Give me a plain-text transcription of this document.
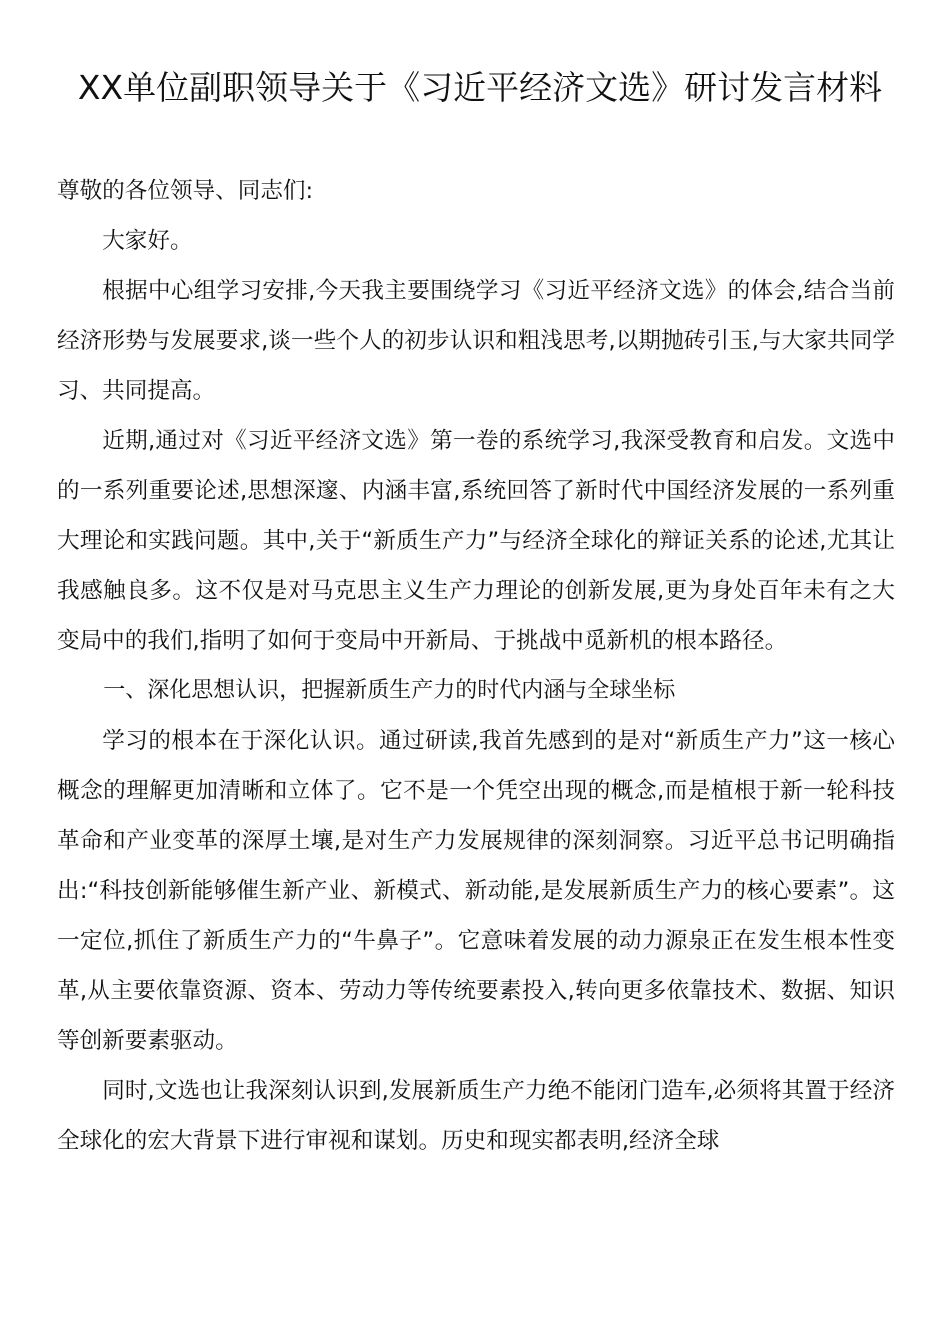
XX单位副职领导关于《习近平经济文选》研讨发言材料

尊敬的各位领导、同志们:

大家好。

根据中心组学习安排,今天我主要围绕学习《习近平经济文选》的体会,结合当前经济形势与发展要求,谈一些个人的初步认识和粗浅思考,以期抛砖引玉,与大家共同学习、共同提高。

近期,通过对《习近平经济文选》第一卷的系统学习,我深受教育和启发。文选中的一系列重要论述,思想深邃、内涵丰富,系统回答了新时代中国经济发展的一系列重大理论和实践问题。其中,关于“新质生产力”与经济全球化的辩证关系的论述,尤其让我感触良多。这不仅是对马克思主义生产力理论的创新发展,更为身处百年未有之大变局中的我们,指明了如何于变局中开新局、于挑战中觅新机的根本路径。

一、深化思想认识，把握新质生产力的时代内涵与全球坐标

学习的根本在于深化认识。通过研读,我首先感到的是对“新质生产力”这一核心概念的理解更加清晰和立体了。它不是一个凭空出现的概念,而是植根于新一轮科技革命和产业变革的深厚土壤,是对生产力发展规律的深刻洞察。习近平总书记明确指出:“科技创新能够催生新产业、新模式、新动能,是发展新质生产力的核心要素”。这一定位,抓住了新质生产力的“牛鼻子”。它意味着发展的动力源泉正在发生根本性变革,从主要依靠资源、资本、劳动力等传统要素投入,转向更多依靠技术、数据、知识等创新要素驱动。

同时,文选也让我深刻认识到,发展新质生产力绝不能闭门造车,必须将其置于经济全球化的宏大背景下进行审视和谋划。历史和现实都表明,经济全球
